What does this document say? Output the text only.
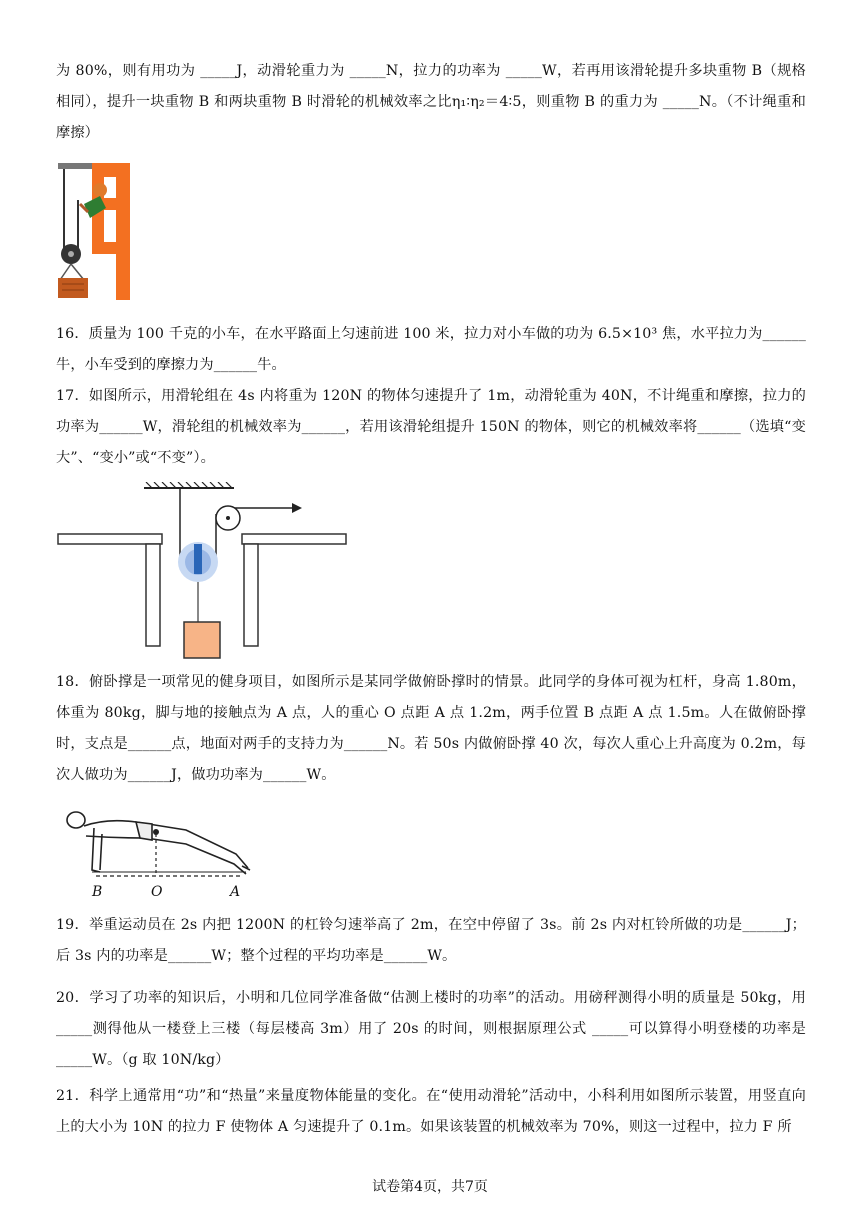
为 80%，则有用功为 _____J，动滑轮重力为 _____N，拉力的功率为 _____W，若再用该滑轮提升多块重物 B（规格相同），提升一块重物 B 和两块重物 B 时滑轮的机械效率之比η₁∶η₂＝4∶5，则重物 B 的重力为 _____N。（不计绳重和摩擦）
16．质量为 100 千克的小车，在水平路面上匀速前进 100 米，拉力对小车做的功为 6.5×10³ 焦，水平拉力为______牛，小车受到的摩擦力为______牛。
17．如图所示，用滑轮组在 4s 内将重为 120N 的物体匀速提升了 1m，动滑轮重为 40N，不计绳重和摩擦，拉力的功率为______W，滑轮组的机械效率为______，若用该滑轮组提升 150N 的物体，则它的机械效率将______（选填“变大”、“变小”或“不变”）。
18．俯卧撑是一项常见的健身项目，如图所示是某同学做俯卧撑时的情景。此同学的身体可视为杠杆，身高 1.80m，体重为 80kg，脚与地的接触点为 A 点，人的重心 O 点距 A 点 1.2m，两手位置 B 点距 A 点 1.5m。人在做俯卧撑时，支点是______点，地面对两手的支持力为______N。若 50s 内做俯卧撑 40 次，每次人重心上升高度为 0.2m，每次人做功为______J，做功功率为______W。
B	O	A
19．举重运动员在 2s 内把 1200N 的杠铃匀速举高了 2m，在空中停留了 3s。前 2s 内对杠铃所做的功是______J；后 3s 内的功率是______W；整个过程的平均功率是______W。
20．学习了功率的知识后，小明和几位同学准备做“估测上楼时的功率”的活动。用磅秤测得小明的质量是 50kg，用_____测得他从一楼登上三楼（每层楼高 3m）用了 20s 的时间，则根据原理公式 _____可以算得小明登楼的功率是_____W。（g 取 10N/kg）
21．科学上通常用“功”和“热量”来量度物体能量的变化。在“使用动滑轮”活动中，小科利用如图所示装置，用竖直向上的大小为 10N 的拉力 F 使物体 A 匀速提升了 0.1m。如果该装置的机械效率为 70%，则这一过程中，拉力 F 所
试卷第4页，共7页
